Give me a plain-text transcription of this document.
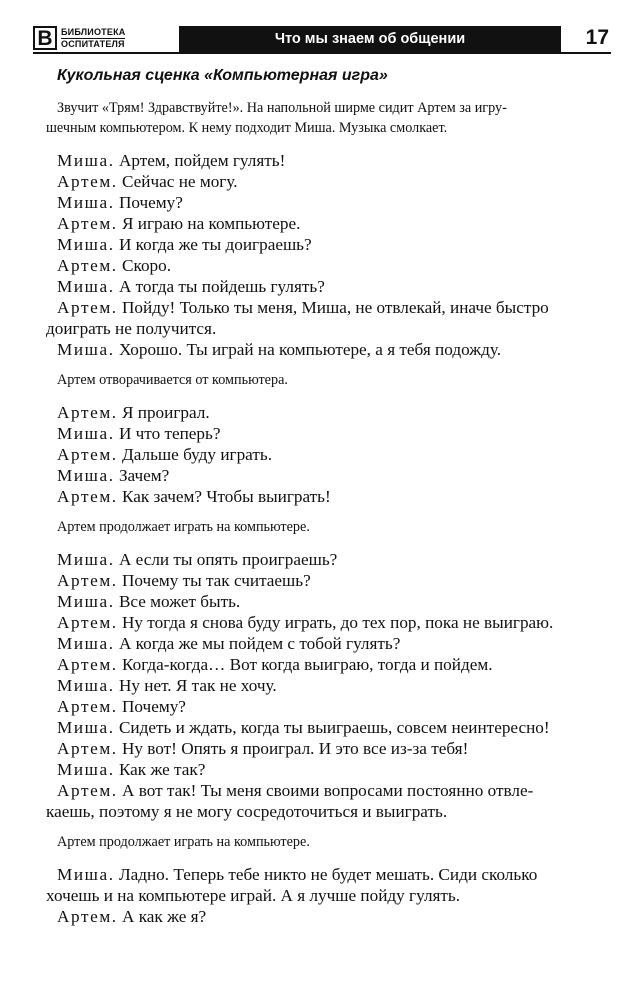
В БИБЛИОТЕКА
ОСПИТАТЕЛЯ	Что мы знаем об общении	17
Кукольная сценка «Компьютерная игра»

Звучит «Трям! Здравствуйте!». На напольной ширме сидит Артем за игру-
шечным компьютером. К нему подходит Миша. Музыка смолкает.

Миша. Артем, пойдем гулять!

Артем. Сейчас не могу.

Миша. Почему?

Артем. Я играю на компьютере.

Миша. И когда же ты доиграешь?

Артем. Скоро.

Миша. А тогда ты пойдешь гулять?

Артем. Пойду! Только ты меня, Миша, не отвлекай, иначе быстро
доиграть не получится.

Миша. Хорошо. Ты играй на компьютере, а я тебя подожду.

Артем отворачивается от компьютера.

Артем. Я проиграл.

Миша. И что теперь?

Артем. Дальше буду играть.

Миша. Зачем?

Артем. Как зачем? Чтобы выиграть!

Артем продолжает играть на компьютере.

Миша. А если ты опять проиграешь?

Артем. Почему ты так считаешь?

Миша. Все может быть.

Артем. Ну тогда я снова буду играть, до тех пор, пока не выиграю.

Миша. А когда же мы пойдем с тобой гулять?

Артем. Когда-когда… Вот когда выиграю, тогда и пойдем.

Миша. Ну нет. Я так не хочу.

Артем. Почему?

Миша. Сидеть и ждать, когда ты выиграешь, совсем неинтересно!

Артем. Ну вот! Опять я проиграл. И это все из-за тебя!

Миша. Как же так?

Артем. А вот так! Ты меня своими вопросами постоянно отвле-
каешь, поэтому я не могу сосредоточиться и выиграть.

Артем продолжает играть на компьютере.

Миша. Ладно. Теперь тебе никто не будет мешать. Сиди сколько
хочешь и на компьютере играй. А я лучше пойду гулять.

Артем. А как же я?
